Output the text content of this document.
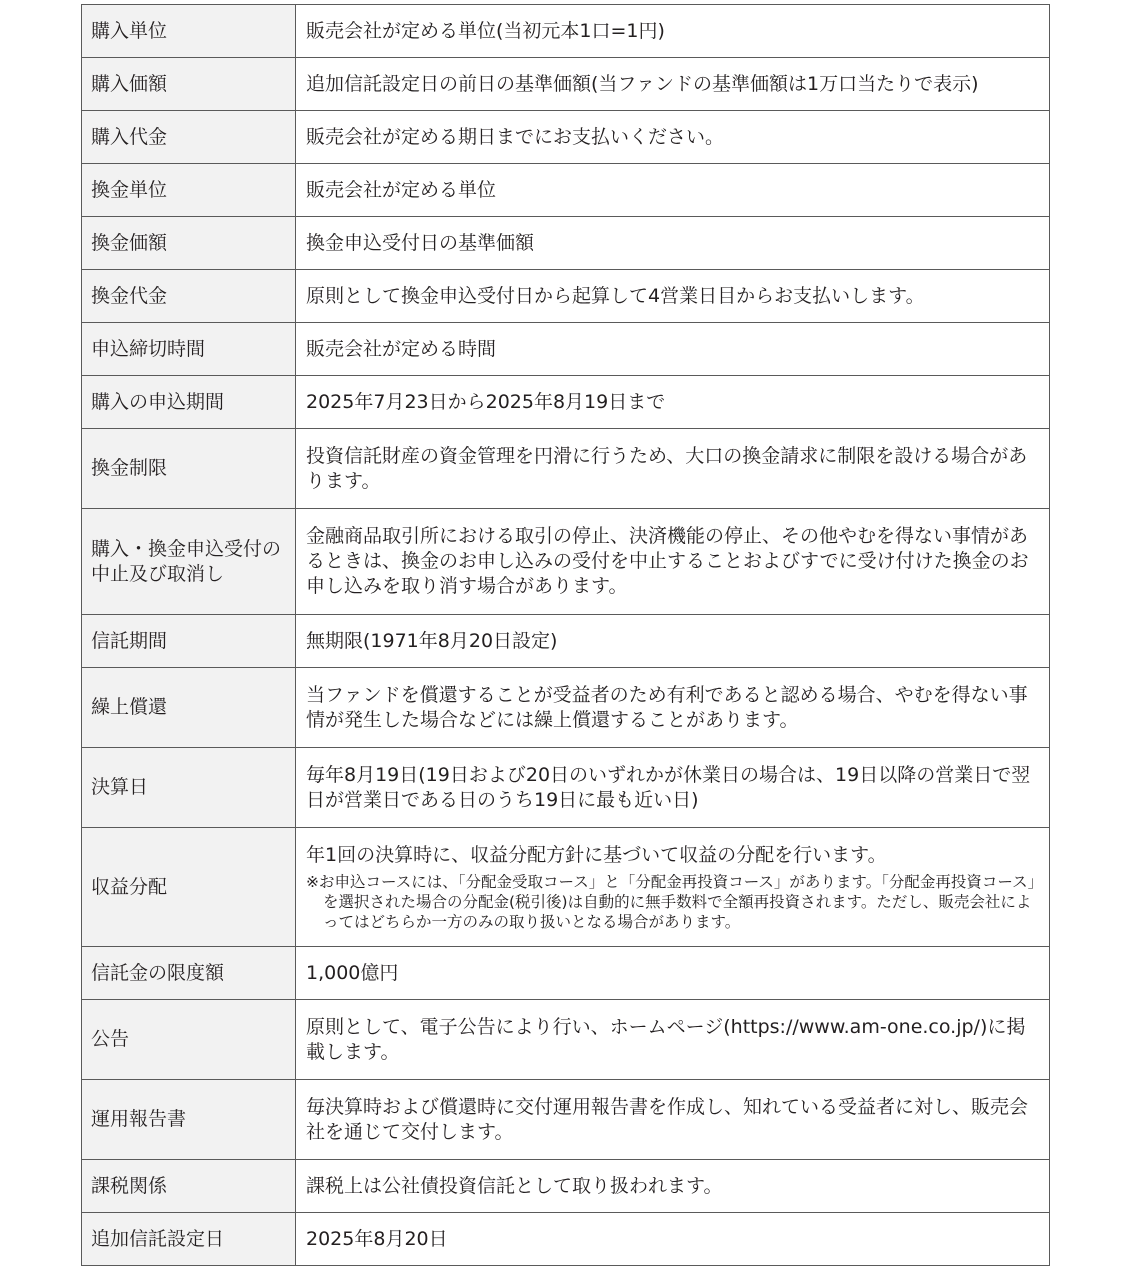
購入単位	販売会社が定める単位(当初元本1口=1円)
購入価額	追加信託設定日の前日の基準価額(当ファンドの基準価額は1万口当たりで表示)
購入代金	販売会社が定める期日までにお支払いください。
換金単位	販売会社が定める単位
換金価額	換金申込受付日の基準価額
換金代金	原則として換金申込受付日から起算して4営業日目からお支払いします。
申込締切時間	販売会社が定める時間
購入の申込期間	2025年7月23日から2025年8月19日まで
換金制限	投資信託財産の資金管理を円滑に行うため、大口の換金請求に制限を設ける場合があります。
購入・換金申込受付の中止及び取消し	金融商品取引所における取引の停止、決済機能の停止、その他やむを得ない事情があるときは、換金のお申し込みの受付を中止することおよびすでに受け付けた換金のお申し込みを取り消す場合があります。
信託期間	無期限(1971年8月20日設定)
繰上償還	当ファンドを償還することが受益者のため有利であると認める場合、やむを得ない事情が発生した場合などには繰上償還することがあります。
決算日	毎年8月19日(19日および20日のいずれかが休業日の場合は、19日以降の営業日で翌日が営業日である日のうち19日に最も近い日)
収益分配	年1回の決算時に、収益分配方針に基づいて収益の分配を行います。
※お申込コースには、「分配金受取コース」と「分配金再投資コース」があります。「分配金再投資コース」を選択された場合の分配金(税引後)は自動的に無手数料で全額再投資されます。ただし、販売会社によってはどちらか一方のみの取り扱いとなる場合があります。

信託金の限度額	1,000億円
公告	原則として、電子公告により行い、ホームページ(https://www.am-one.co.jp/)に掲載します。
運用報告書	毎決算時および償還時に交付運用報告書を作成し、知れている受益者に対し、販売会社を通じて交付します。
課税関係	課税上は公社債投資信託として取り扱われます。
追加信託設定日	2025年8月20日
